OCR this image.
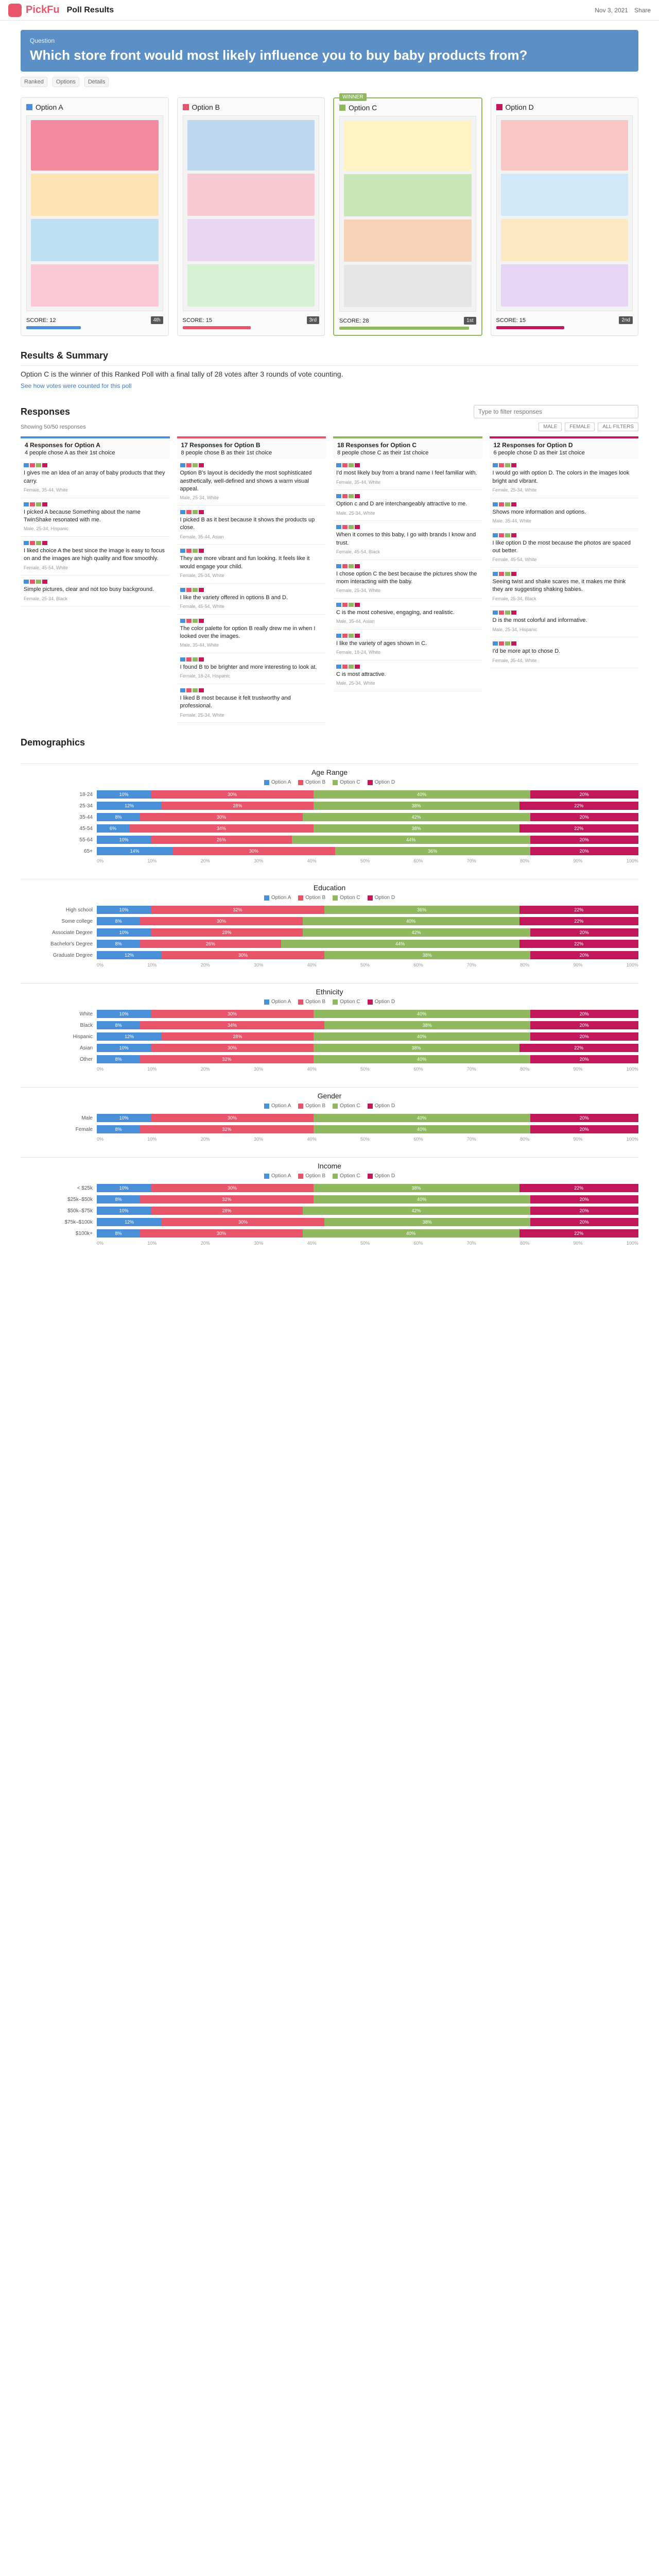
PickFu Poll Results	Nov 3, 2021 Share
Question
Which store front would most likely influence you to buy baby products from?
Ranked Options Details
Option A
SCORE: 12	4th
Option B
SCORE: 15	3rd
WINNER
Option C
SCORE: 28	1st
Option D
SCORE: 15	2nd
Results & Summary
Option C is the winner of this Ranked Poll with a final tally of 28 votes after 3 rounds of vote counting.
See how votes were counted for this poll
Responses
Type to filter responses
Showing 50/50 responses	MALE	FEMALE	ALL FILTERS
4 Responses for Option A
4 people chose A as their 1st choice
I gives me an idea of an array of baby products that they carry.
Female, 35-44, White
I picked A because Something about the name TwinShake resonated with me.
Male, 25-34, Hispanic
I liked choice A the best since the image is easy to focus on and the images are high quality and flow smoothly.
Female, 45-54, White
Simple pictures, clear and not too busy background.
Female, 25-34, Black
17 Responses for Option B
8 people chose B as their 1st choice
Option B's layout is decidedly the most sophisticated aesthetically, well-defined and shows a warm visual appeal.
Male, 25-34, White
I picked B as it best because it shows the products up close.
Female, 35-44, Asian
They are more vibrant and fun looking. It feels like it would engage your child.
Female, 25-34, White
I like the variety offered in options B and D.
Female, 45-54, White
The color palette for option B really drew me in when I looked over the images.
Male, 35-44, White
I found B to be brighter and more interesting to look at.
Female, 18-24, Hispanic
I liked B most because it felt trustworthy and professional.
Female, 25-34, White
18 Responses for Option C
8 people chose C as their 1st choice
I'd most likely buy from a brand name I feel familiar with.
Female, 35-44, White
Option c and D are interchangeably attractive to me.
Male, 25-34, White
When it comes to this baby, I go with brands I know and trust.
Female, 45-54, Black
I chose option C the best because the pictures show the mom interacting with the baby.
Female, 25-34, White
C is the most cohesive, engaging, and realistic.
Male, 35-44, Asian
I like the variety of ages shown in C.
Female, 18-24, White
C is most attractive.
Male, 25-34, White
12 Responses for Option D
6 people chose D as their 1st choice
I would go with option D. The colors in the images look bright and vibrant.
Female, 25-34, White
Shows more information and options.
Male, 35-44, White
I like option D the most because the photos are spaced out better.
Female, 45-54, White
Seeing twist and shake scares me, it makes me think they are suggesting shaking babies.
Female, 25-34, Black
D is the most colorful and informative.
Male, 25-34, Hispanic
I'd be more apt to chose D.
Female, 35-44, White
Demographics
Age Range
Option A	Option B	Option C	Option D
18-24	10%	30%	40%	20%
25-34	12%	28%	38%	22%
35-44	8%	30%	42%	20%
45-54	6%	34%	38%	22%
55-64	10%	26%	44%	20%
65+	14%	30%	36%	20%
0%	10%	20%	30%	40%	50%	60%	70%	80%	90%	100%
Education
Option A	Option B	Option C	Option D
High school	10%	32%	36%	22%
Some college	8%	30%	40%	22%
Associate Degree	10%	28%	42%	20%
Bachelor's Degree	8%	26%	44%	22%
Graduate Degree	12%	30%	38%	20%
0%	10%	20%	30%	40%	50%	60%	70%	80%	90%	100%
Ethnicity
Option A	Option B	Option C	Option D
White	10%	30%	40%	20%
Black	8%	34%	38%	20%
Hispanic	12%	28%	40%	20%
Asian	10%	30%	38%	22%
Other	8%	32%	40%	20%
0%	10%	20%	30%	40%	50%	60%	70%	80%	90%	100%
Gender
Option A	Option B	Option C	Option D
Male	10%	30%	40%	20%
Female	8%	32%	40%	20%
0%	10%	20%	30%	40%	50%	60%	70%	80%	90%	100%
Income
Option A	Option B	Option C	Option D
< $25k	10%	30%	38%	22%
$25k–$50k	8%	32%	40%	20%
$50k–$75k	10%	28%	42%	20%
$75k–$100k	12%	30%	38%	20%
$100k+	8%	30%	40%	22%
0%	10%	20%	30%	40%	50%	60%	70%	80%	90%	100%
